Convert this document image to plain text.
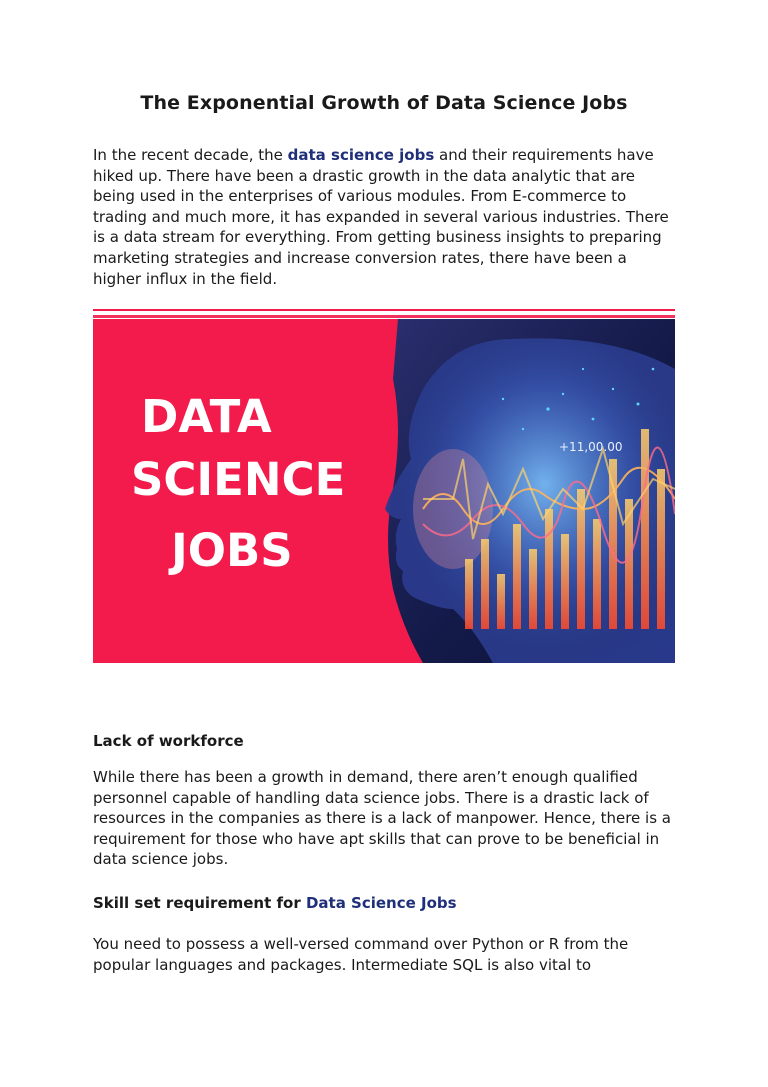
The Exponential Growth of Data Science Jobs

In the recent decade, the data science jobs and their requirements have hiked up. There have been a drastic growth in the data analytic that are being used in the enterprises of various modules. From E-commerce to trading and much more, it has expanded in several various industries. There is a data stream for everything. From getting business insights to preparing marketing strategies and increase conversion rates, there have been a higher influx in the field.

+11,00.00
DATA
SCIENCE
JOBS
Lack of workforce

While there has been a growth in demand, there aren’t enough qualified personnel capable of handling data science jobs. There is a drastic lack of resources in the companies as there is a lack of manpower. Hence, there is a requirement for those who have apt skills that can prove to be beneficial in data science jobs.

Skill set requirement for Data Science Jobs

You need to possess a well-versed command over Python or R from the popular languages and packages. Intermediate SQL is also vital to
